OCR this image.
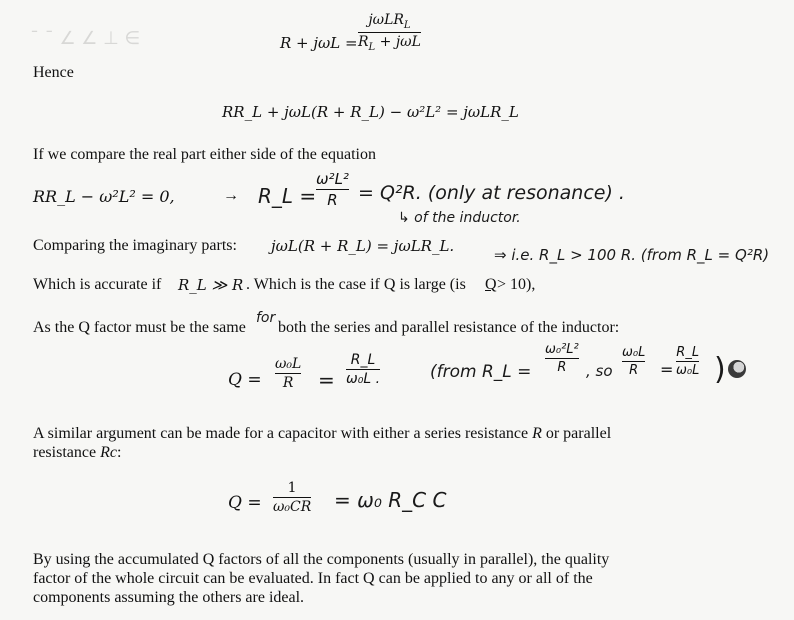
¯ ¯ ∠ ∠ ⊥ ∈	R + jωL =
jωLR$_L$
$R_L + j\omega L$
Hence
RR_L + jωL(R + R_L) − ω²L² = jωLR_L
If we compare the real part either side of the equation
RR_L − ω²L² = 0,	→ R_L =
ω²L²
R = Q²R. (only at resonance) .
↳ of the inductor.
Comparing the imaginary parts: jωL(R + R_L) = jωLR_L.	⇒ i.e. R_L > 100 R. (from R_L = Q²R)
Which is accurate if R_L ≫ R . Which is the case if Q is large (is Q > 10),
As the Q factor must be the same
for
both the series and parallel resistance of the inductor:
Q =
ω₀L
R =
R_L
ω₀L .	(from R_L =
ω₀²L²
R , so
ω₀L
R =
R_L
ω₀L )
A similar argument can be made for a capacitor with either a series resistance R or parallel
resistance Rc:
Q =
1
ω₀CR = ω₀ R_C C
By using the accumulated Q factors of all the components (usually in parallel), the quality
factor of the whole circuit can be evaluated. In fact Q can be applied to any or all of the
components assuming the others are ideal.
